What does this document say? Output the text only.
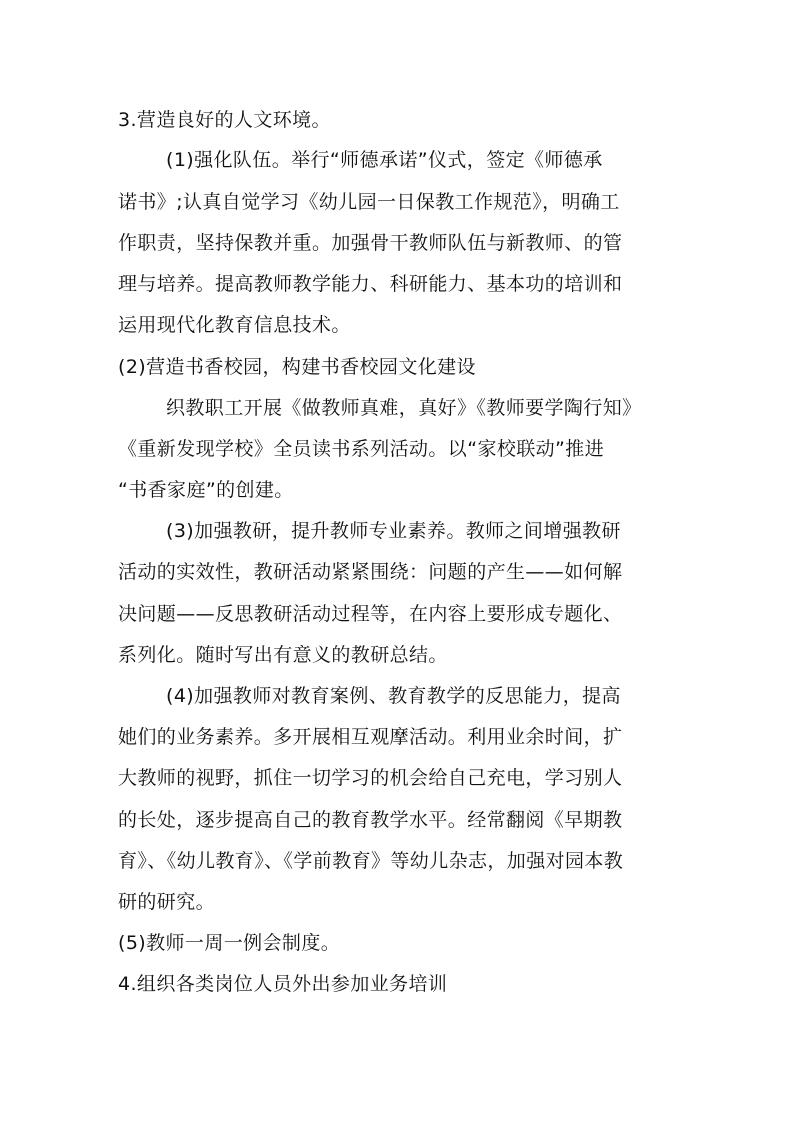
3.营造良好的人文环境。
(1)强化队伍。举行“师德承诺”仪式，签定《师德承
诺书》;认真自觉学习《幼儿园一日保教工作规范》，明确工
作职责，坚持保教并重。加强骨干教师队伍与新教师、的管
理与培养。提高教师教学能力、科研能力、基本功的培训和
运用现代化教育信息技术。
(2)营造书香校园，构建书香校园文化建设
织教职工开展《做教师真难，真好》《教师要学陶行知》
《重新发现学校》全员读书系列活动。以“家校联动”推进
“书香家庭”的创建。
(3)加强教研，提升教师专业素养。教师之间增强教研
活动的实效性，教研活动紧紧围绕：问题的产生——如何解
决问题——反思教研活动过程等，在内容上要形成专题化、
系列化。随时写出有意义的教研总结。
(4)加强教师对教育案例、教育教学的反思能力，提高
她们的业务素养。多开展相互观摩活动。利用业余时间，扩
大教师的视野，抓住一切学习的机会给自己充电，学习别人
的长处，逐步提高自己的教育教学水平。经常翻阅《早期教
育》、《幼儿教育》、《学前教育》等幼儿杂志，加强对园本教
研的研究。
(5)教师一周一例会制度。
4.组织各类岗位人员外出参加业务培训
